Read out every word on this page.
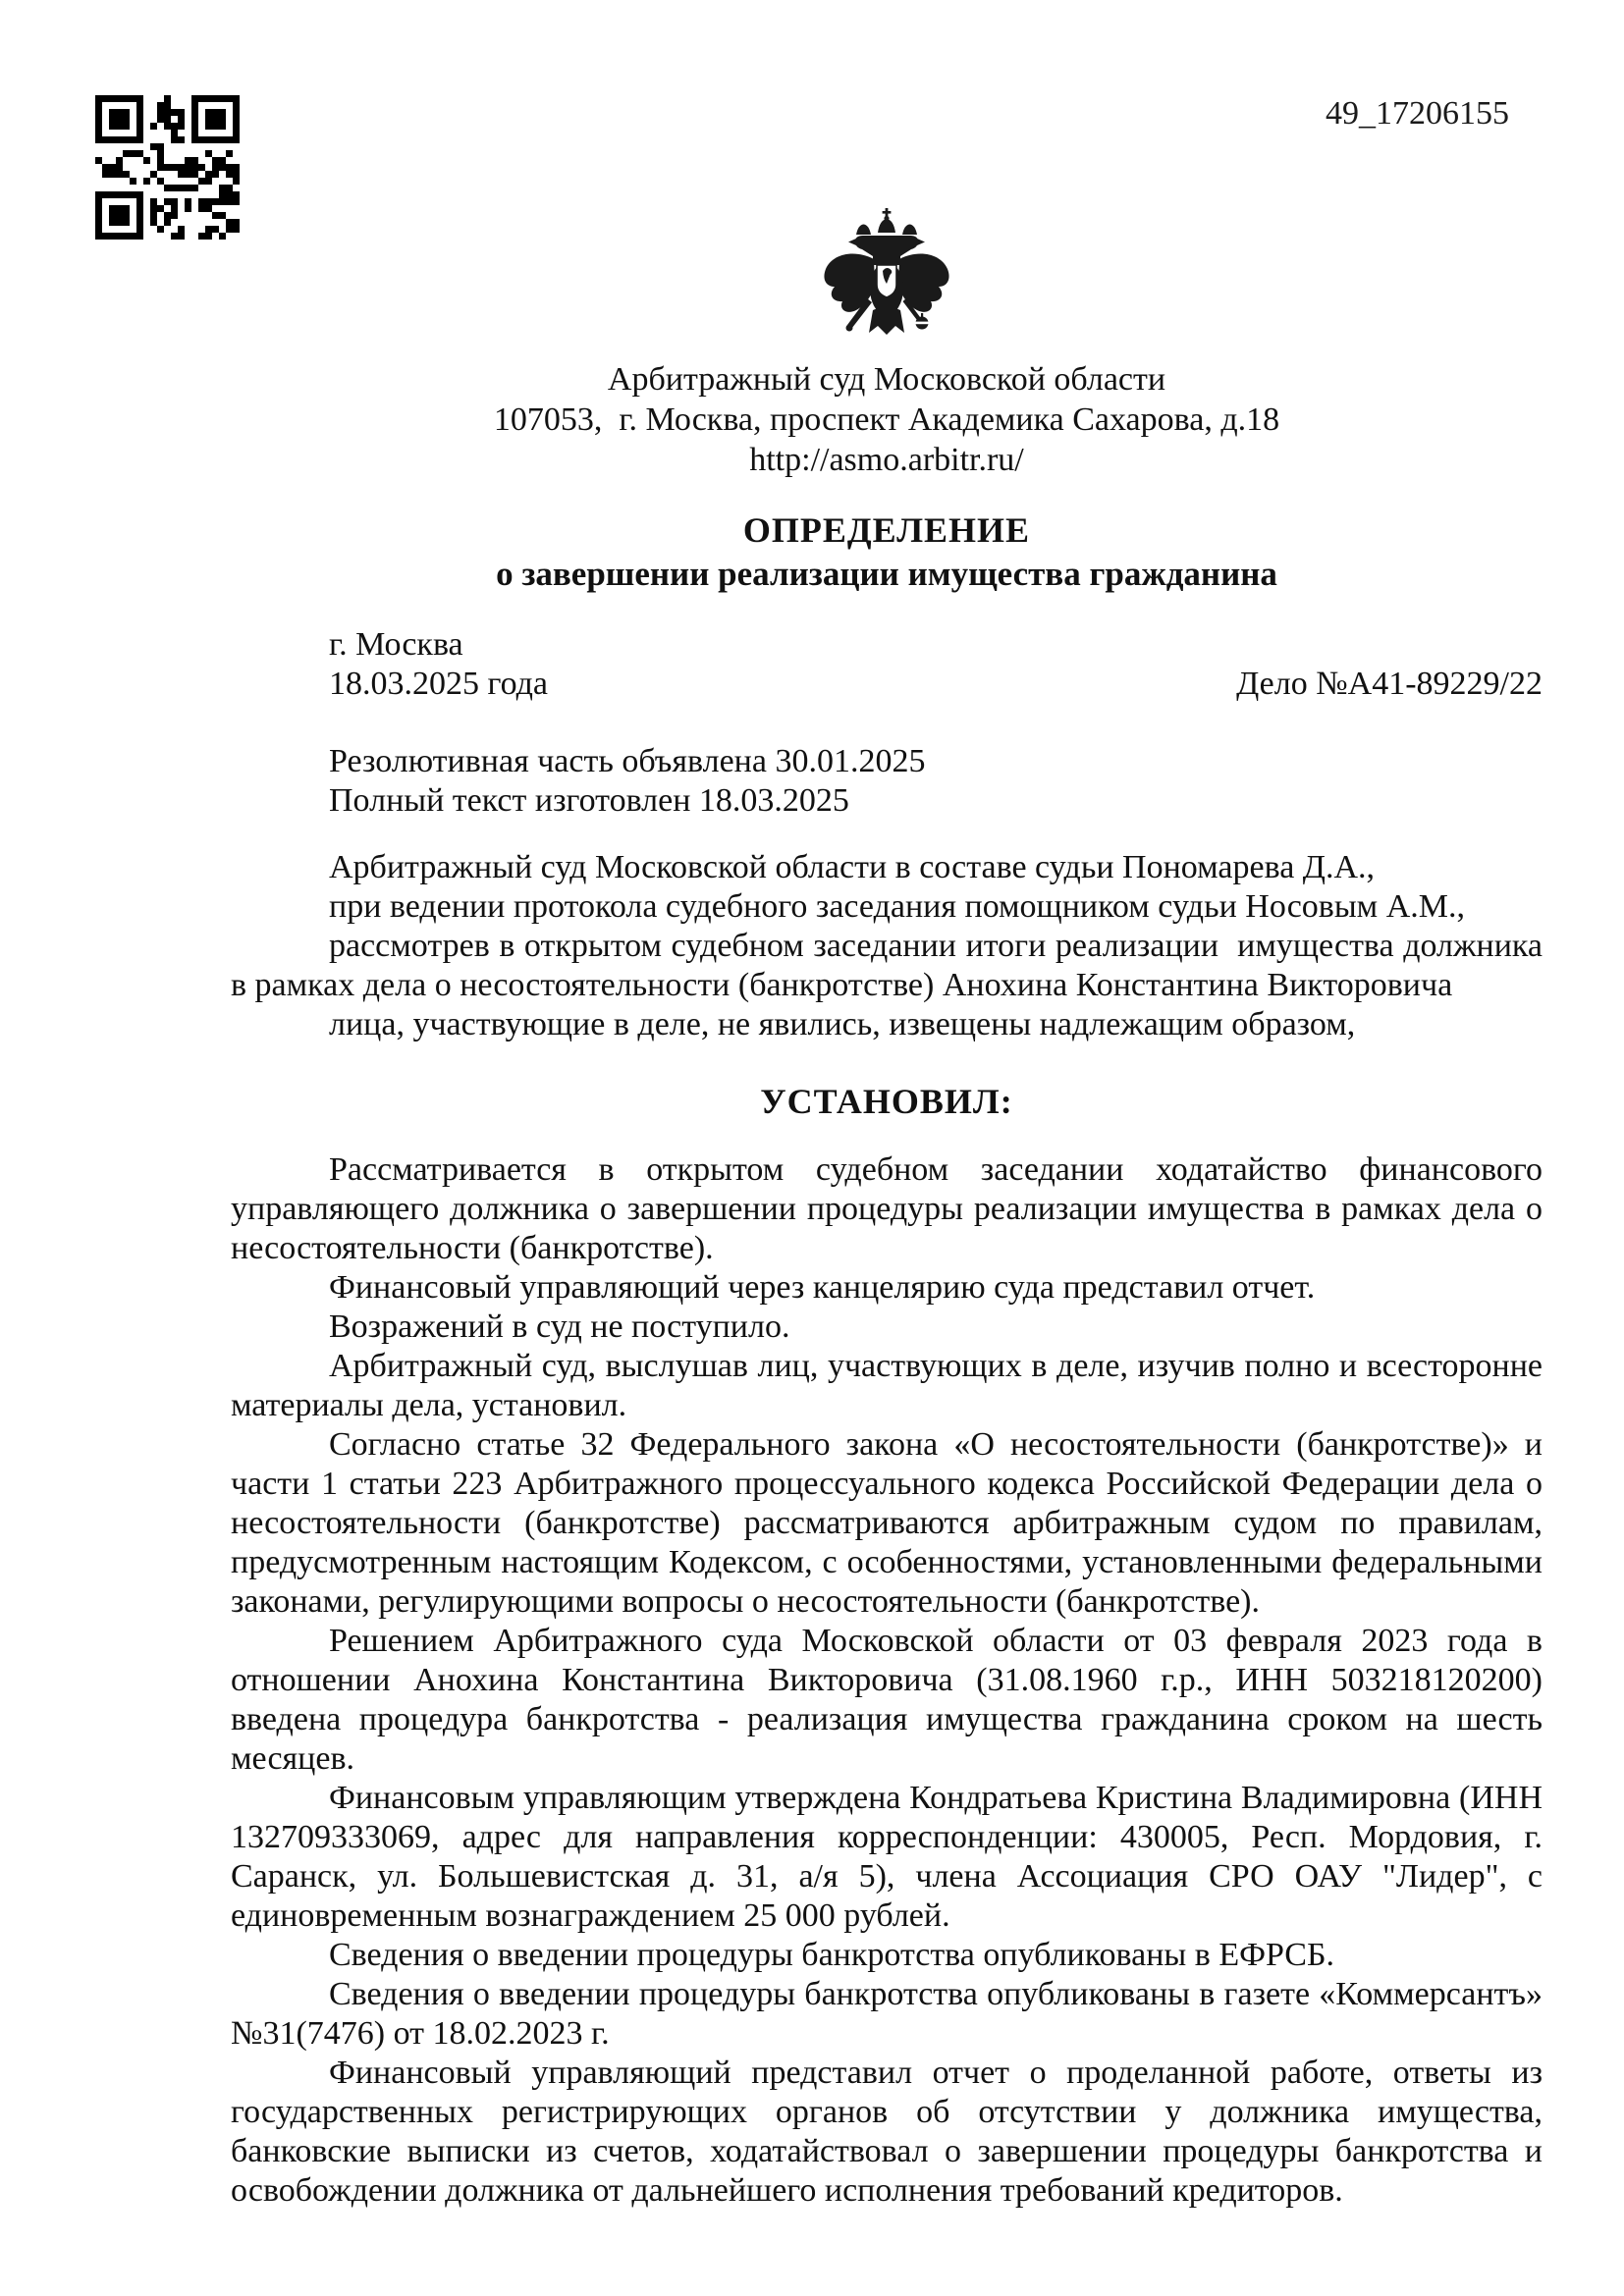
49_17206155
Арбитражный суд Московской области
107053,  г. Москва, проспект Академика Сахарова, д.18
http://asmo.arbitr.ru/
ОПРЕДЕЛЕНИЕ
о завершении реализации имущества гражданина
г. Москва
18.03.2025 года	Дело №А41-89229/22
Резолютивная часть объявлена 30.01.2025
Полный текст изготовлен 18.03.2025

Арбитражный суд Московской области в составе судьи Пономарева Д.А.,

при ведении протокола судебного заседания помощником судьи Носовым А.М.,

рассмотрев в открытом судебном заседании итоги реализации  имущества должника в рамках дела о несостоятельности (банкротстве) Анохина Константина Викторовича

лица, участвующие в деле, не явились, извещены надлежащим образом,

УСТАНОВИЛ:

Рассматривается в открытом судебном заседании ходатайство финансового управляющего должника о завершении процедуры реализации имущества в рамках дела о несостоятельности (банкротстве).

Финансовый управляющий через канцелярию суда представил отчет.

Возражений в суд не поступило.

Арбитражный суд, выслушав лиц, участвующих в деле, изучив полно и всесторонне материалы дела, установил.

Согласно статье 32 Федерального закона «О несостоятельности (банкротстве)» и части 1 статьи 223 Арбитражного процессуального кодекса Российской Федерации дела о несостоятельности (банкротстве) рассматриваются арбитражным судом по правилам, предусмотренным настоящим Кодексом, с особенностями, установленными федеральными законами, регулирующими вопросы о несостоятельности (банкротстве).

Решением Арбитражного суда Московской области от 03 февраля 2023 года в отношении Анохина Константина Викторовича (31.08.1960 г.р., ИНН 503218120200) введена процедура банкротства - реализация имущества гражданина сроком на шесть месяцев.

Финансовым управляющим утверждена Кондратьева Кристина Владимировна (ИНН 132709333069, адрес для направления корреспонденции: 430005, Респ. Мордовия, г. Саранск, ул. Большевистская д. 31, а/я 5), члена Ассоциация СРО ОАУ "Лидер", с единовременным вознаграждением 25 000 рублей.

Сведения о введении процедуры банкротства опубликованы в ЕФРСБ.

Сведения о введении процедуры банкротства опубликованы в газете «Коммерсантъ» №31(7476) от 18.02.2023 г.

Финансовый управляющий представил отчет о проделанной работе, ответы из государственных регистрирующих органов об отсутствии у должника имущества, банковские выписки из счетов, ходатайствовал о завершении процедуры банкротства и освобождении должника от дальнейшего исполнения требований кредиторов.
